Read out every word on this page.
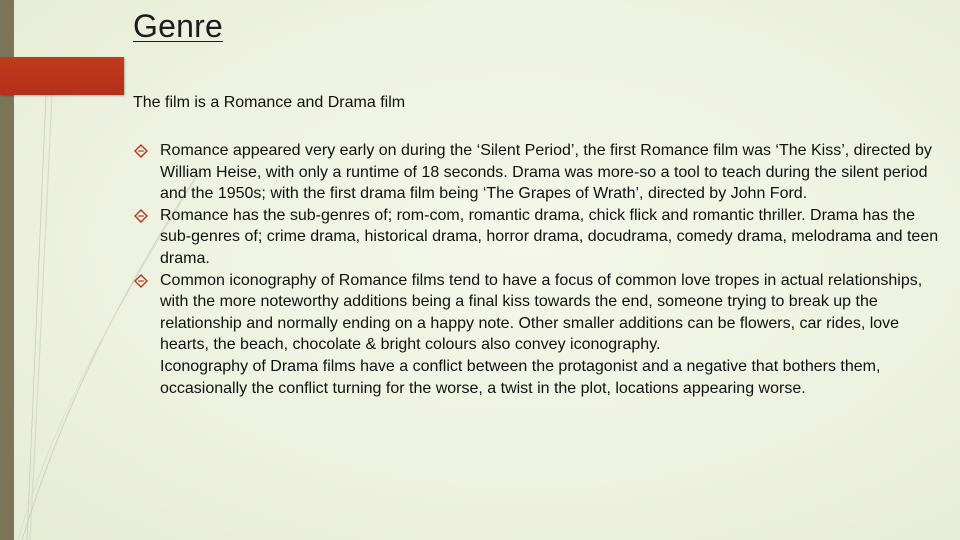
Genre
The film is a Romance and Drama film
Romance appeared very early on during the ‘Silent Period’, the first Romance film was ‘The Kiss’, directed by William Heise, with only a runtime of 18 seconds. Drama was more-so a tool to teach during the silent period and the 1950s; with the first drama film being ‘The Grapes of Wrath’, directed by John Ford.
Romance has the sub-genres of; rom-com, romantic drama, chick flick and romantic thriller. Drama has the sub-genres of; crime drama, historical drama, horror drama, docudrama, comedy drama, melodrama and teen drama.
Common iconography of Romance films tend to have a focus of common love tropes in actual relationships, with the more noteworthy additions being a final kiss towards the end, someone trying to break up the relationship and normally ending on a happy note. Other smaller additions can be flowers, car rides, love hearts, the beach, chocolate & bright colours also convey iconography.
Iconography of Drama films have a conflict between the protagonist and a negative that bothers them, occasionally the conflict turning for the worse, a twist in the plot, locations appearing worse.
